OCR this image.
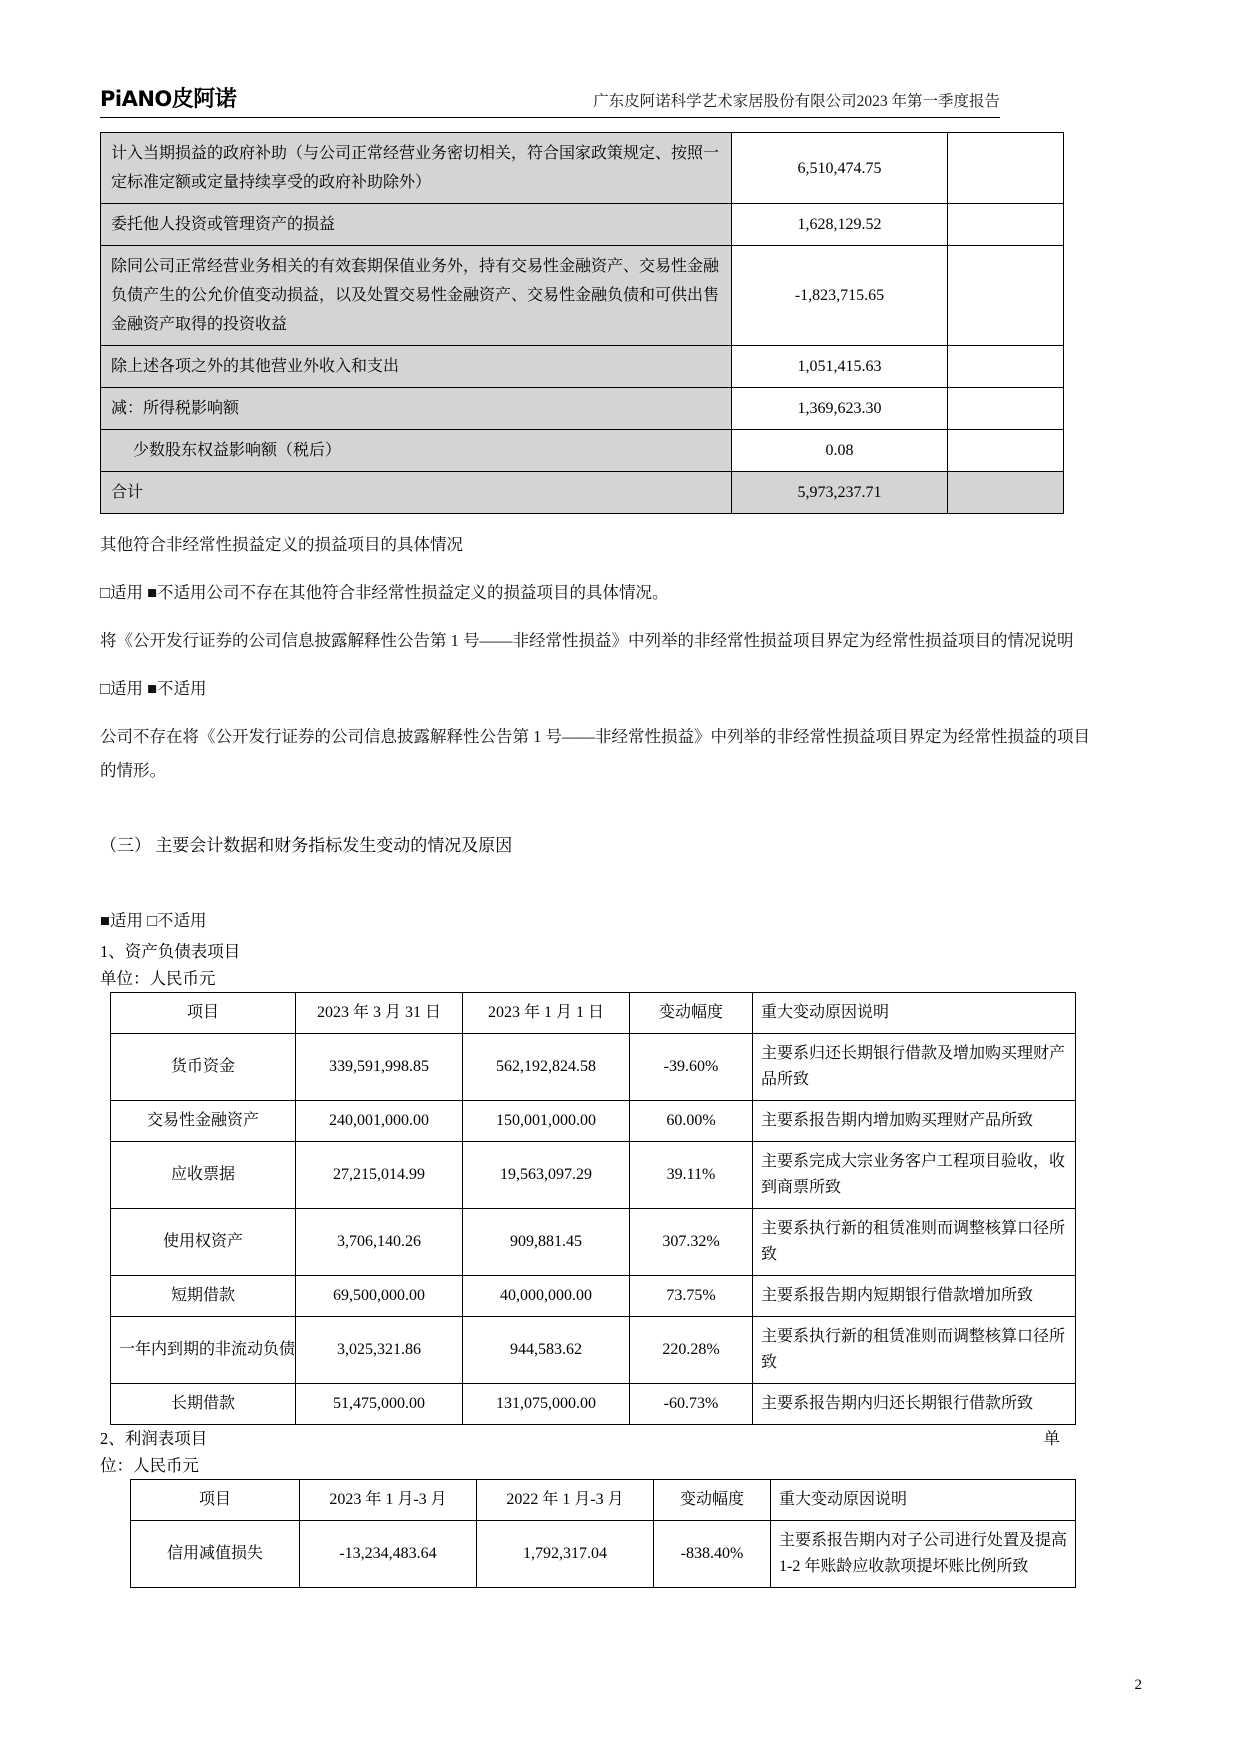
PiANO皮阿诺	广东皮阿诺科学艺术家居股份有限公司2023 年第一季度报告
计入当期损益的政府补助（与公司正常经营业务密切相关，符合国家政策规定、按照一定标准定额或定量持续享受的政府补助除外）	6,510,474.75	
委托他人投资或管理资产的损益	1,628,129.52	
除同公司正常经营业务相关的有效套期保值业务外，持有交易性金融资产、交易性金融负债产生的公允价值变动损益，以及处置交易性金融资产、交易性金融负债和可供出售金融资产取得的投资收益	-1,823,715.65	
除上述各项之外的其他营业外收入和支出	1,051,415.63	
减：所得税影响额	1,369,623.30	
少数股东权益影响额（税后）	0.08	
合计	5,973,237.71	

其他符合非经常性损益定义的损益项目的具体情况

□适用 ■不适用公司不存在其他符合非经常性损益定义的损益项目的具体情况。

将《公开发行证券的公司信息披露解释性公告第 1 号——非经常性损益》中列举的非经常性损益项目界定为经常性损益项目的情况说明

□适用 ■不适用

公司不存在将《公开发行证券的公司信息披露解释性公告第 1 号——非经常性损益》中列举的非经常性损益项目界定为经常性损益的项目的情形。

（三） 主要会计数据和财务指标发生变动的情况及原因

■适用 □不适用

1、资产负债表项目

单位：人民币元

项目	2023 年 3 月 31 日	2023 年 1 月 1 日	变动幅度	重大变动原因说明
货币资金	339,591,998.85	562,192,824.58	-39.60%	主要系归还长期银行借款及增加购买理财产品所致
交易性金融资产	240,001,000.00	150,001,000.00	60.00%	主要系报告期内增加购买理财产品所致
应收票据	27,215,014.99	19,563,097.29	39.11%	主要系完成大宗业务客户工程项目验收，收到商票所致
使用权资产	3,706,140.26	909,881.45	307.32%	主要系执行新的租赁准则而调整核算口径所致
短期借款	69,500,000.00	40,000,000.00	73.75%	主要系报告期内短期银行借款增加所致
一年内到期的非流动负债	3,025,321.86	944,583.62	220.28%	主要系执行新的租赁准则而调整核算口径所致
长期借款	51,475,000.00	131,075,000.00	-60.73%	主要系报告期内归还长期银行借款所致

2、利润表项目	单

位：人民币元

项目	2023 年 1 月-3 月	2022 年 1 月-3 月	变动幅度	重大变动原因说明
信用减值损失	-13,234,483.64	1,792,317.04	-838.40%	主要系报告期内对子公司进行处置及提高 1-2 年账龄应收款项提坏账比例所致
2
